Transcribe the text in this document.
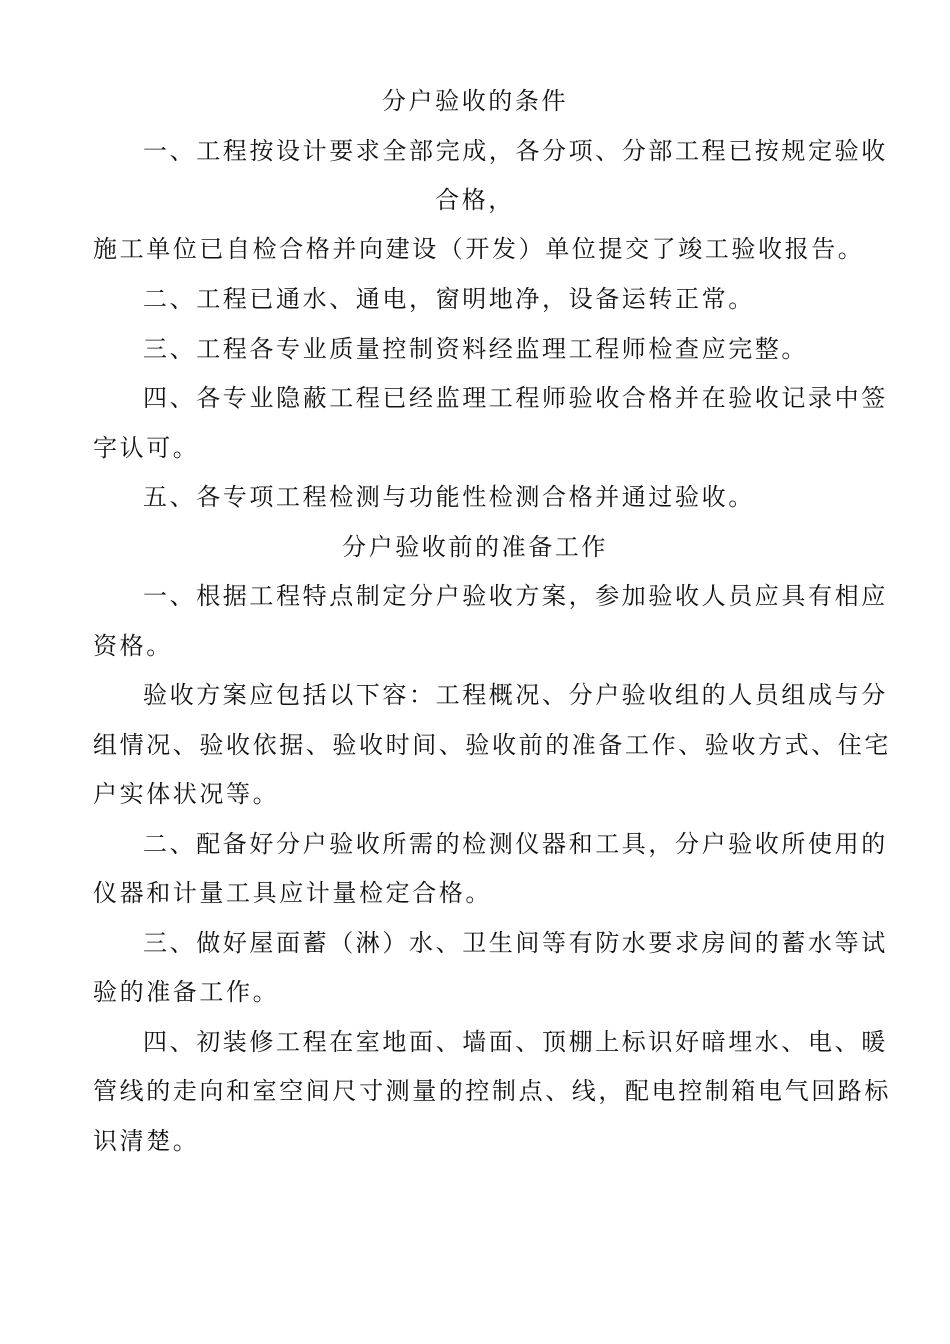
分户验收的条件
一、工程按设计要求全部完成，各分项、分部工程已按规定验收
合格，
施工单位已自检合格并向建设（开发）单位提交了竣工验收报告。
二、工程已通水、通电，窗明地净，设备运转正常。
三、工程各专业质量控制资料经监理工程师检查应完整。
四、各专业隐蔽工程已经监理工程师验收合格并在验收记录中签
字认可。
五、各专项工程检测与功能性检测合格并通过验收。
分户验收前的准备工作
一、根据工程特点制定分户验收方案，参加验收人员应具有相应
资格。
验收方案应包括以下容：工程概况、分户验收组的人员组成与分
组情况、验收依据、验收时间、验收前的准备工作、验收方式、住宅
户实体状况等。
二、配备好分户验收所需的检测仪器和工具，分户验收所使用的
仪器和计量工具应计量检定合格。
三、做好屋面蓄（淋）水、卫生间等有防水要求房间的蓄水等试
验的准备工作。
四、初装修工程在室地面、墙面、顶棚上标识好暗埋水、电、暖
管线的走向和室空间尺寸测量的控制点、线，配电控制箱电气回路标
识清楚。
